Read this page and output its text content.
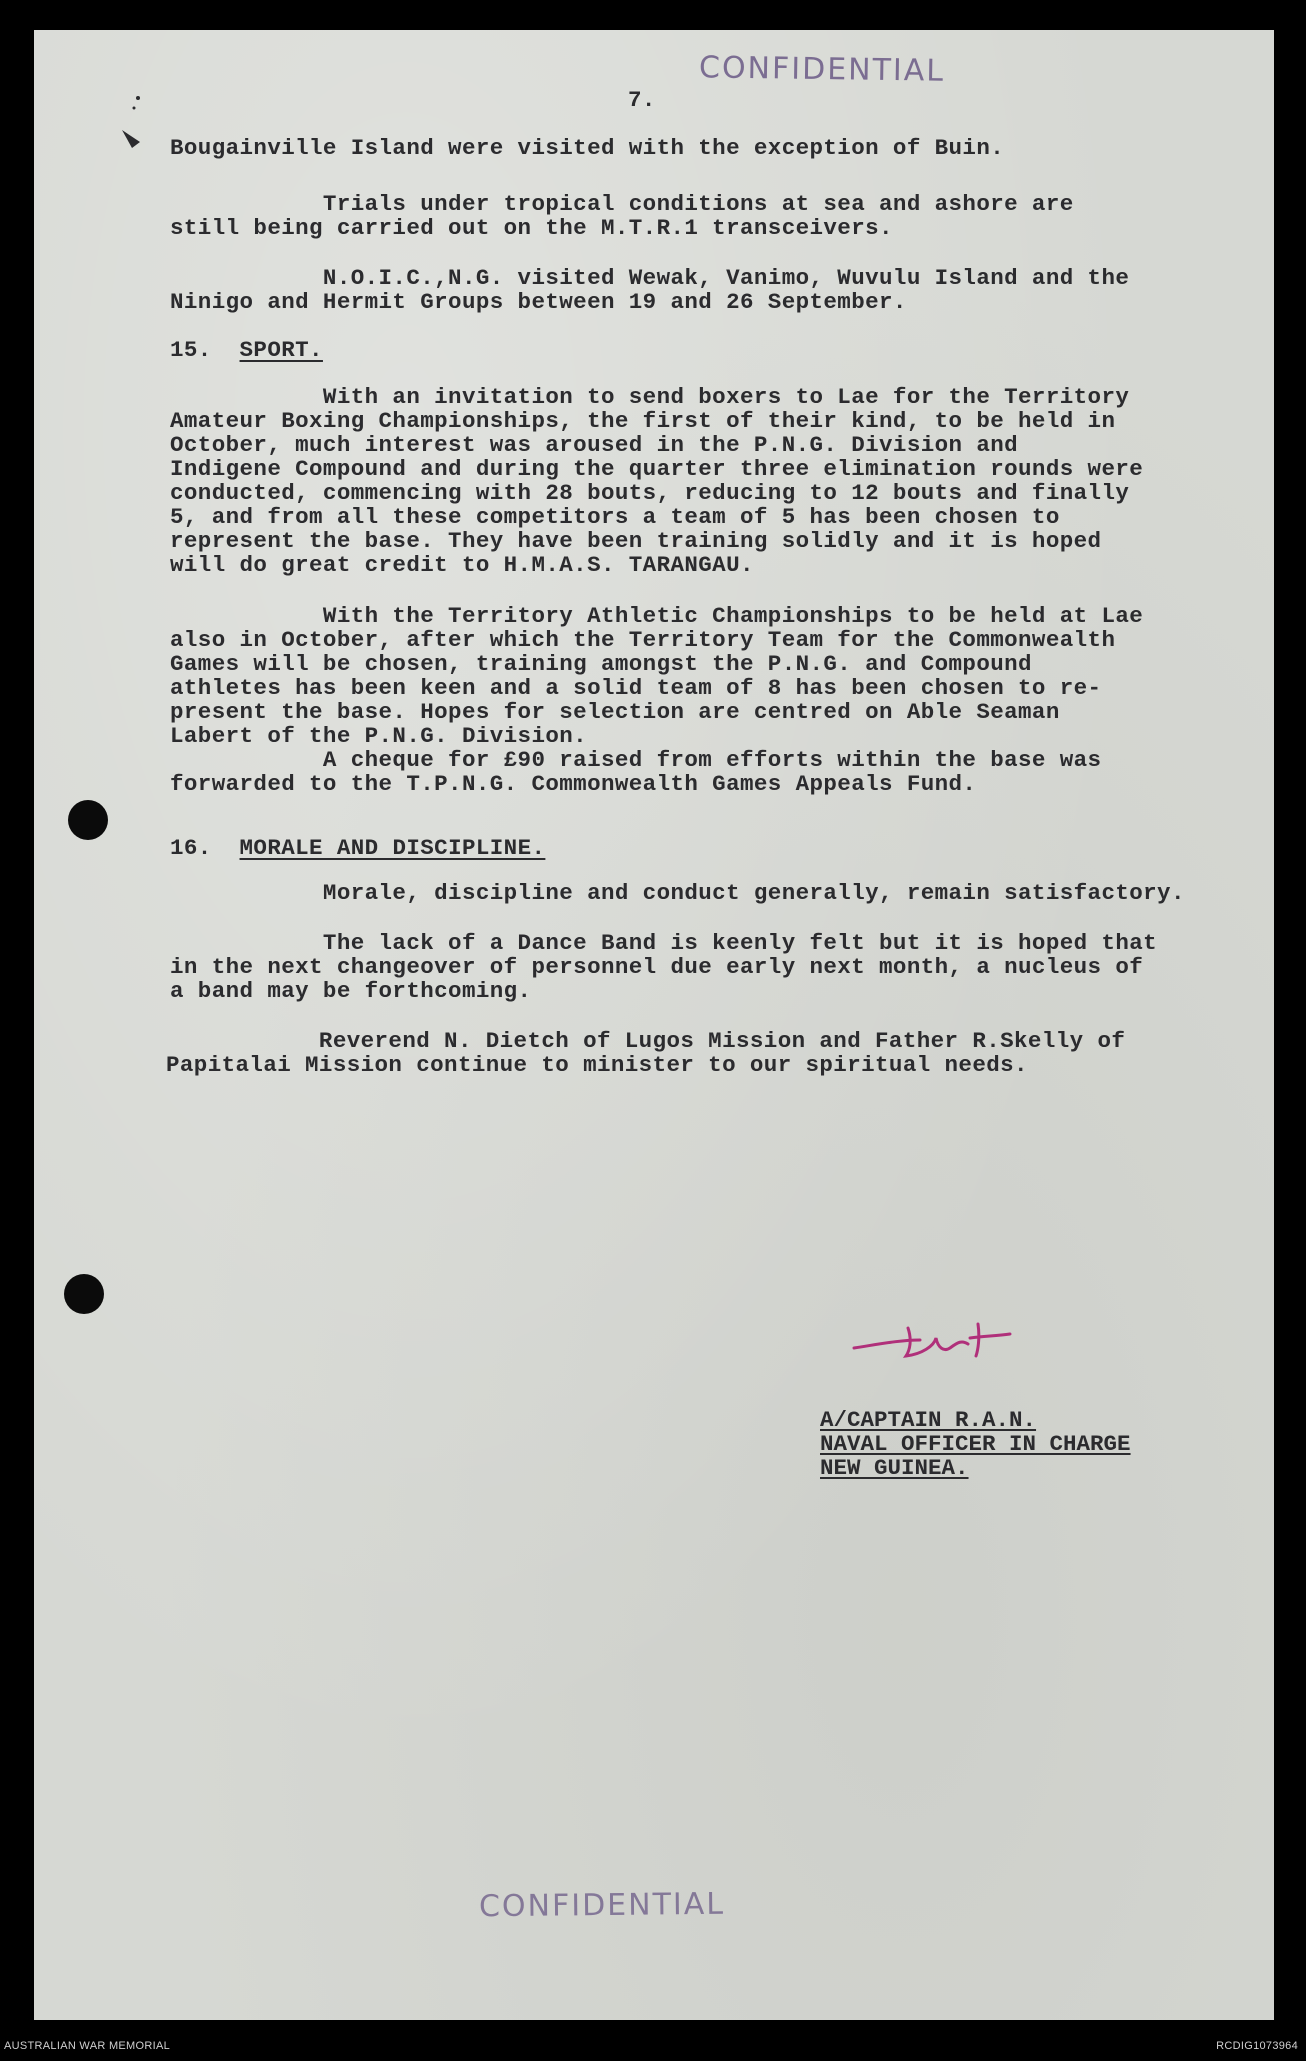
CONFIDENTIAL

7.

Bougainville Island were visited with the exception of Buin.

Trials under tropical conditions at sea and ashore are
still being carried out on the M.T.R.1 transceivers.

N.O.I.C.,N.G. visited Wewak, Vanimo, Wuvulu Island and the
Ninigo and Hermit Groups between 19 and 26 September.

15. SPORT.

With an invitation to send boxers to Lae for the Territory
Amateur Boxing Championships, the first of their kind, to be held in
October, much interest was aroused in the P.N.G. Division and
Indigene Compound and during the quarter three elimination rounds were
conducted, commencing with 28 bouts, reducing to 12 bouts and finally
5, and from all these competitors a team of 5 has been chosen to
represent the base. They have been training solidly and it is hoped
will do great credit to H.M.A.S. TARANGAU.

With the Territory Athletic Championships to be held at Lae
also in October, after which the Territory Team for the Commonwealth
Games will be chosen, training amongst the P.N.G. and Compound
athletes has been keen and a solid team of 8 has been chosen to re-
present the base. Hopes for selection are centred on Able Seaman
Labert of the P.N.G. Division.
A cheque for £90 raised from efforts within the base was
forwarded to the T.P.N.G. Commonwealth Games Appeals Fund.

16. MORALE AND DISCIPLINE.

Morale, discipline and conduct generally, remain satisfactory.

The lack of a Dance Band is keenly felt but it is hoped that
in the next changeover of personnel due early next month, a nucleus of
a band may be forthcoming.

Reverend N. Dietch of Lugos Mission and Father R.Skelly of
Papitalai Mission continue to minister to our spiritual needs.

A/CAPTAIN R.A.N.
NAVAL OFFICER IN CHARGE
NEW GUINEA.
CONFIDENTIAL
AUSTRALIAN WAR MEMORIAL	RCDIG1073964
